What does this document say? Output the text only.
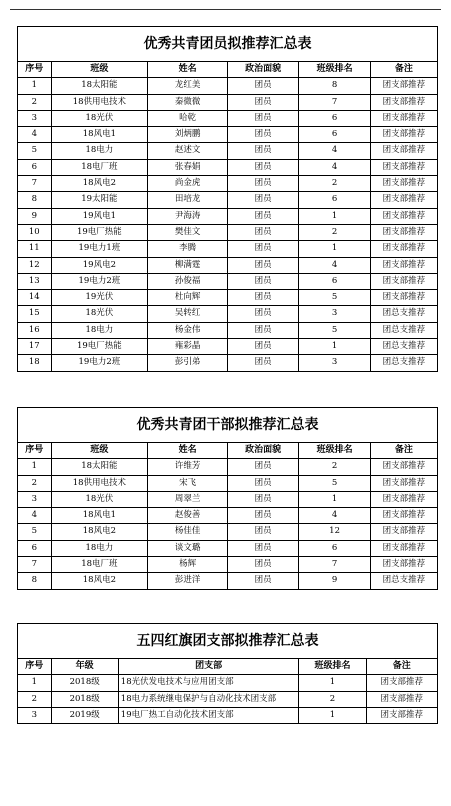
优秀共青团员拟推荐汇总表
序号	班级	姓名	政治面貌	班级排名	备注
1	18太阳能	龙红美	团员	8	团支部推荐
2	18供用电技术	秦微微	团员	7	团支部推荐
3	18光伏	哈乾	团员	6	团支部推荐
4	18风电1	刘炳鹏	团员	6	团支部推荐
5	18电力	赵述文	团员	4	团支部推荐
6	18电厂班	张春娟	团员	4	团支部推荐
7	18风电2	尚金虎	团员	2	团支部推荐
8	19太阳能	田培龙	团员	6	团支部推荐
9	19风电1	尹海涛	团员	1	团支部推荐
10	19电厂热能	樊佳文	团员	2	团支部推荐
11	19电力1班	李腾	团员	1	团支部推荐
12	19风电2	柳满霆	团员	4	团支部推荐
13	19电力2班	孙俊福	团员	6	团支部推荐
14	19光伏	杜向辉	团员	5	团支部推荐
15	18光伏	吴转红	团员	3	团总支推荐
16	18电力	杨金伟	团员	5	团总支推荐
17	19电厂热能	雍彩晶	团员	1	团总支推荐
18	19电力2班	彭引弟	团员	3	团总支推荐
优秀共青团干部拟推荐汇总表
序号	班级	姓名	政治面貌	班级排名	备注
1	18太阳能	许维芳	团员	2	团支部推荐
2	18供用电技术	宋飞	团员	5	团支部推荐
3	18光伏	周翠兰	团员	1	团支部推荐
4	18风电1	赵俊善	团员	4	团支部推荐
5	18风电2	杨佳佳	团员	12	团支部推荐
6	18电力	谈文璐	团员	6	团支部推荐
7	18电厂班	杨辉	团员	7	团支部推荐
8	18风电2	彭进洋	团员	9	团总支推荐
五四红旗团支部拟推荐汇总表
序号	年级	团支部	班级排名	备注
1	2018级	18光伏发电技术与应用团支部	1	团支部推荐
2	2018级	18电力系统继电保护与自动化技术团支部	2	团支部推荐
3	2019级	19电厂热工自动化技术团支部	1	团支部推荐
